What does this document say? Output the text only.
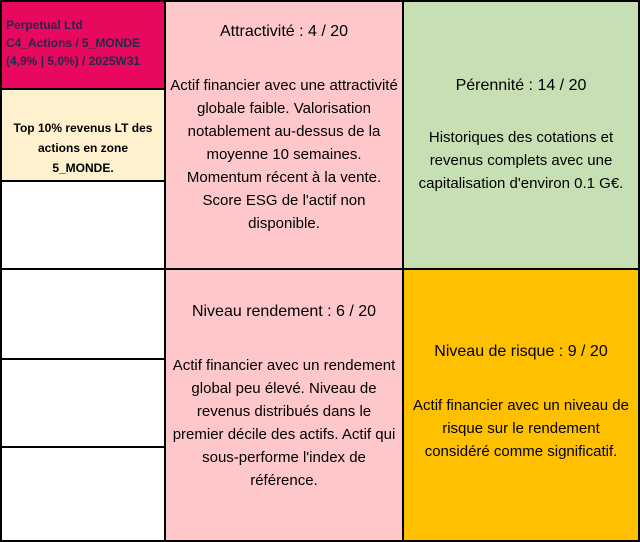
Perpetual Ltd
C4_Actions / 5_MONDE
(4,9% | 5,0%) / 2025W31
Top 10% revenus LT des actions en zone 5_MONDE.
Attractivité : 4 / 20
Actif financier avec une attractivité globale faible. Valorisation notablement au-dessus de la moyenne 10 semaines. Momentum récent à la vente. Score ESG de l'actif non disponible.
Pérennité : 14 / 20
Historiques des cotations et revenus complets avec une capitalisation d'environ 0.1 G€.
Niveau rendement : 6 / 20
Actif financier avec un rendement global peu élevé. Niveau de revenus distribués dans le premier décile des actifs. Actif qui sous-performe l'index de référence.
Niveau de risque : 9 / 20
Actif financier avec un niveau de risque sur le rendement considéré comme significatif.
